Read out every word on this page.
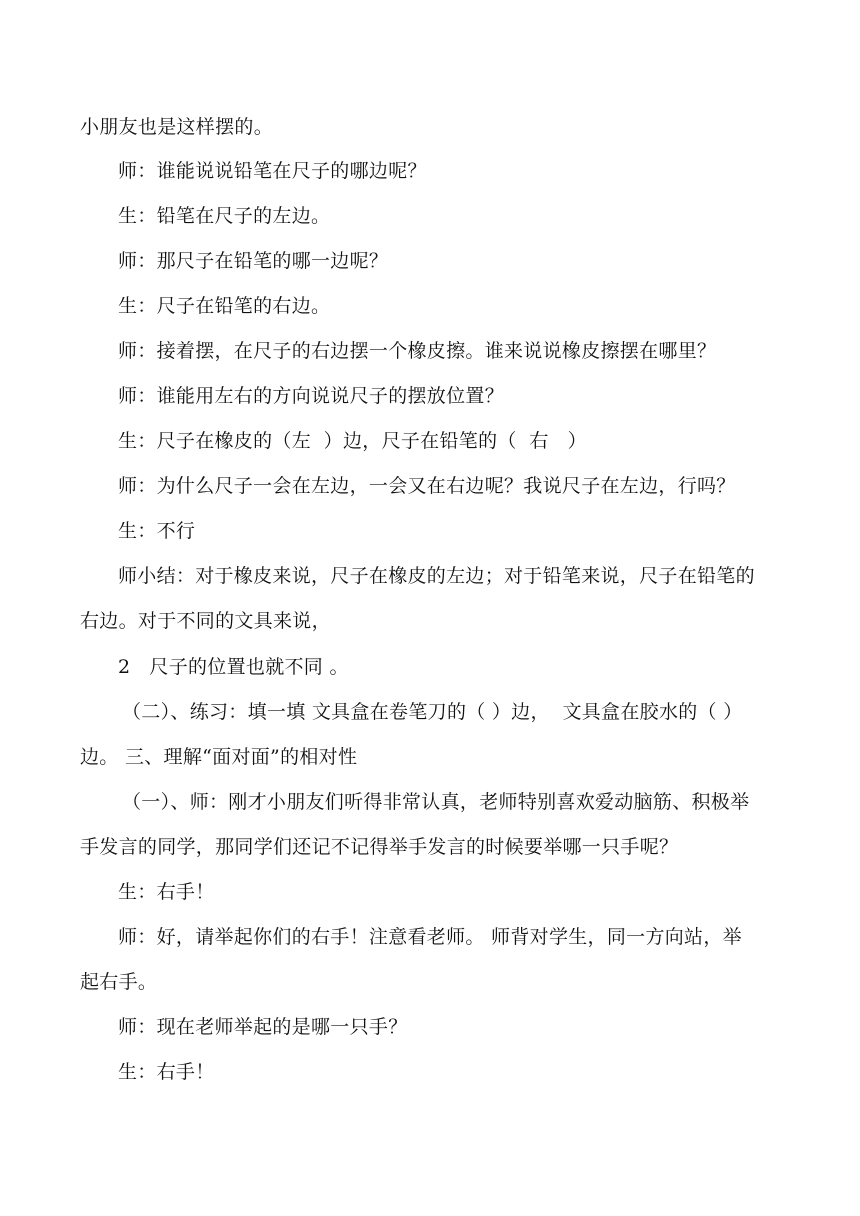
小朋友也是这样摆的。
师：谁能说说铅笔在尺子的哪边呢？
生：铅笔在尺子的左边。
师：那尺子在铅笔的哪一边呢？
生：尺子在铅笔的右边。
师：接着摆，在尺子的右边摆一个橡皮擦。谁来说说橡皮擦摆在哪里？
师：谁能用左右的方向说说尺子的摆放位置？
生：尺子在橡皮的（左  ）边，尺子在铅笔的（  右   ）
师：为什么尺子一会在左边，一会又在右边呢？我说尺子在左边，行吗？
生：不行
师小结：对于橡皮来说，尺子在橡皮的左边；对于铅笔来说，尺子在铅笔的
右边。对于不同的文具来说，
2   尺子的位置也就不同 。
（二）、练习：填一填 文具盒在卷笔刀的（ ）边，  文具盒在胶水的（ ）
边。 三、理解“面对面”的相对性
（一）、师：刚才小朋友们听得非常认真，老师特别喜欢爱动脑筋、积极举
手发言的同学，那同学们还记不记得举手发言的时候要举哪一只手呢？
生：右手！
师：好，请举起你们的右手！注意看老师。 师背对学生，同一方向站，举
起右手。
师：现在老师举起的是哪一只手？
生：右手！
